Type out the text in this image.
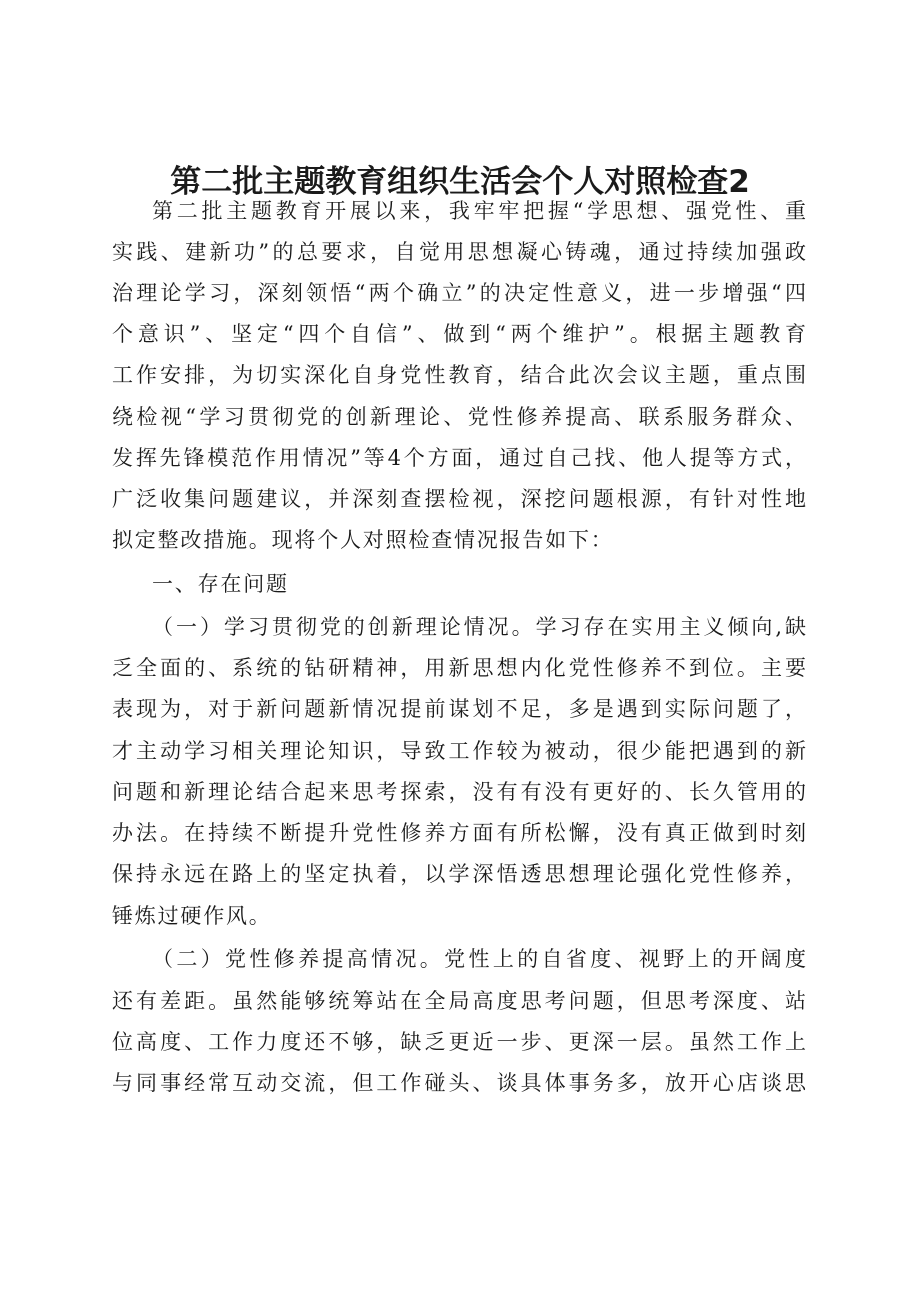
第二批主题教育组织生活会个人对照检查2
第二批主题教育开展以来，我牢牢把握“学思想、强党性、重
实践、建新功”的总要求，自觉用思想凝心铸魂，通过持续加强政
治理论学习，深刻领悟“两个确立”的决定性意义，进一步增强“四
个意识”、坚定“四个自信”、做到“两个维护”。根据主题教育
工作安排，为切实深化自身党性教育，结合此次会议主题，重点围
绕检视“学习贯彻党的创新理论、党性修养提高、联系服务群众、
发挥先锋模范作用情况”等4个方面，通过自己找、他人提等方式，
广泛收集问题建议，并深刻查摆检视，深挖问题根源，有针对性地
拟定整改措施。现将个人对照检查情况报告如下：
一、存在问题
（一）学习贯彻党的创新理论情况。学习存在实用主义倾向,缺
乏全面的、系统的钻研精神，用新思想内化党性修养不到位。主要
表现为，对于新问题新情况提前谋划不足，多是遇到实际问题了，
才主动学习相关理论知识，导致工作较为被动，很少能把遇到的新
问题和新理论结合起来思考探索，没有有没有更好的、长久管用的
办法。在持续不断提升党性修养方面有所松懈，没有真正做到时刻
保持永远在路上的坚定执着，以学深悟透思想理论强化党性修养，
锤炼过硬作风。
（二）党性修养提高情况。党性上的自省度、视野上的开阔度
还有差距。虽然能够统筹站在全局高度思考问题，但思考深度、站
位高度、工作力度还不够，缺乏更近一步、更深一层。虽然工作上
与同事经常互动交流，但工作碰头、谈具体事务多，放开心店谈思
